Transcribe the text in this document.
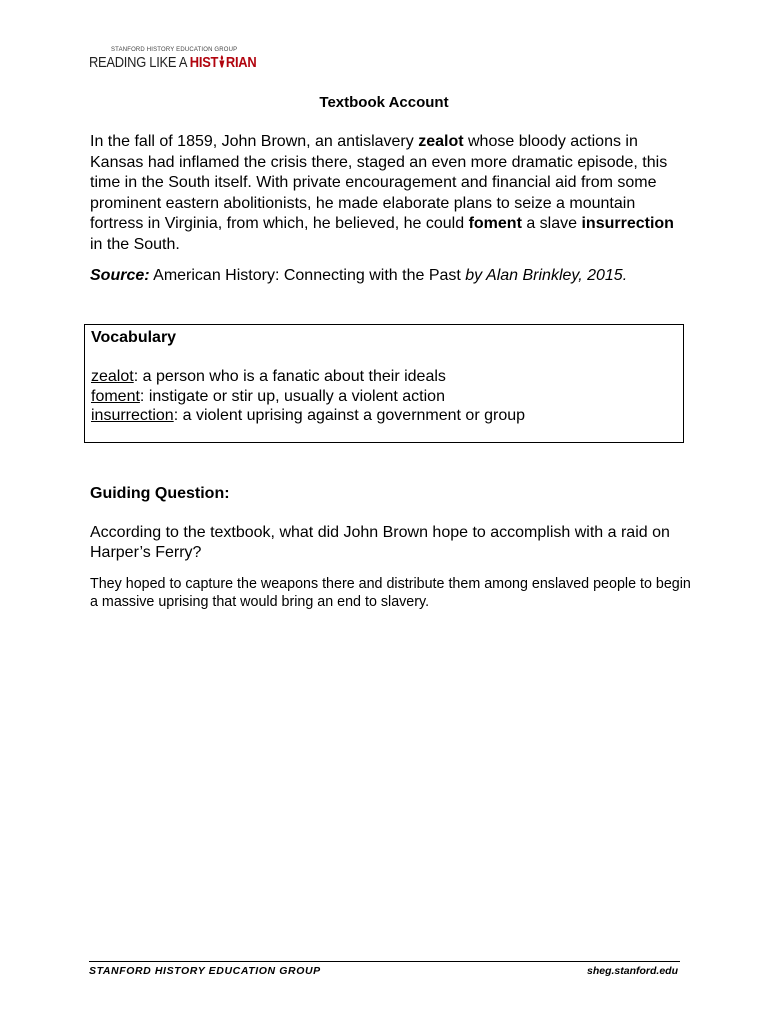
STANFORD HISTORY EDUCATION GROUP
READING LIKE A HIST RIAN
Textbook Account
In the fall of 1859, John Brown, an antislavery zealot whose bloody actions in Kansas had inflamed the crisis there, staged an even more dramatic episode, this time in the South itself. With private encouragement and financial aid from some prominent eastern abolitionists, he made elaborate plans to seize a mountain fortress in Virginia, from which, he believed, he could foment a slave insurrection in the South.
Source: American History: Connecting with the Past by Alan Brinkley, 2015.
Vocabulary
zealot: a person who is a fanatic about their ideals
foment: instigate or stir up, usually a violent action
insurrection: a violent uprising against a government or group
Guiding Question:
According to the textbook, what did John Brown hope to accomplish with a raid on Harper’s Ferry?
They hoped to capture the weapons there and distribute them among enslaved people to begin a massive uprising that would bring an end to slavery.
STANFORD HISTORY EDUCATION GROUP	sheg.stanford.edu
